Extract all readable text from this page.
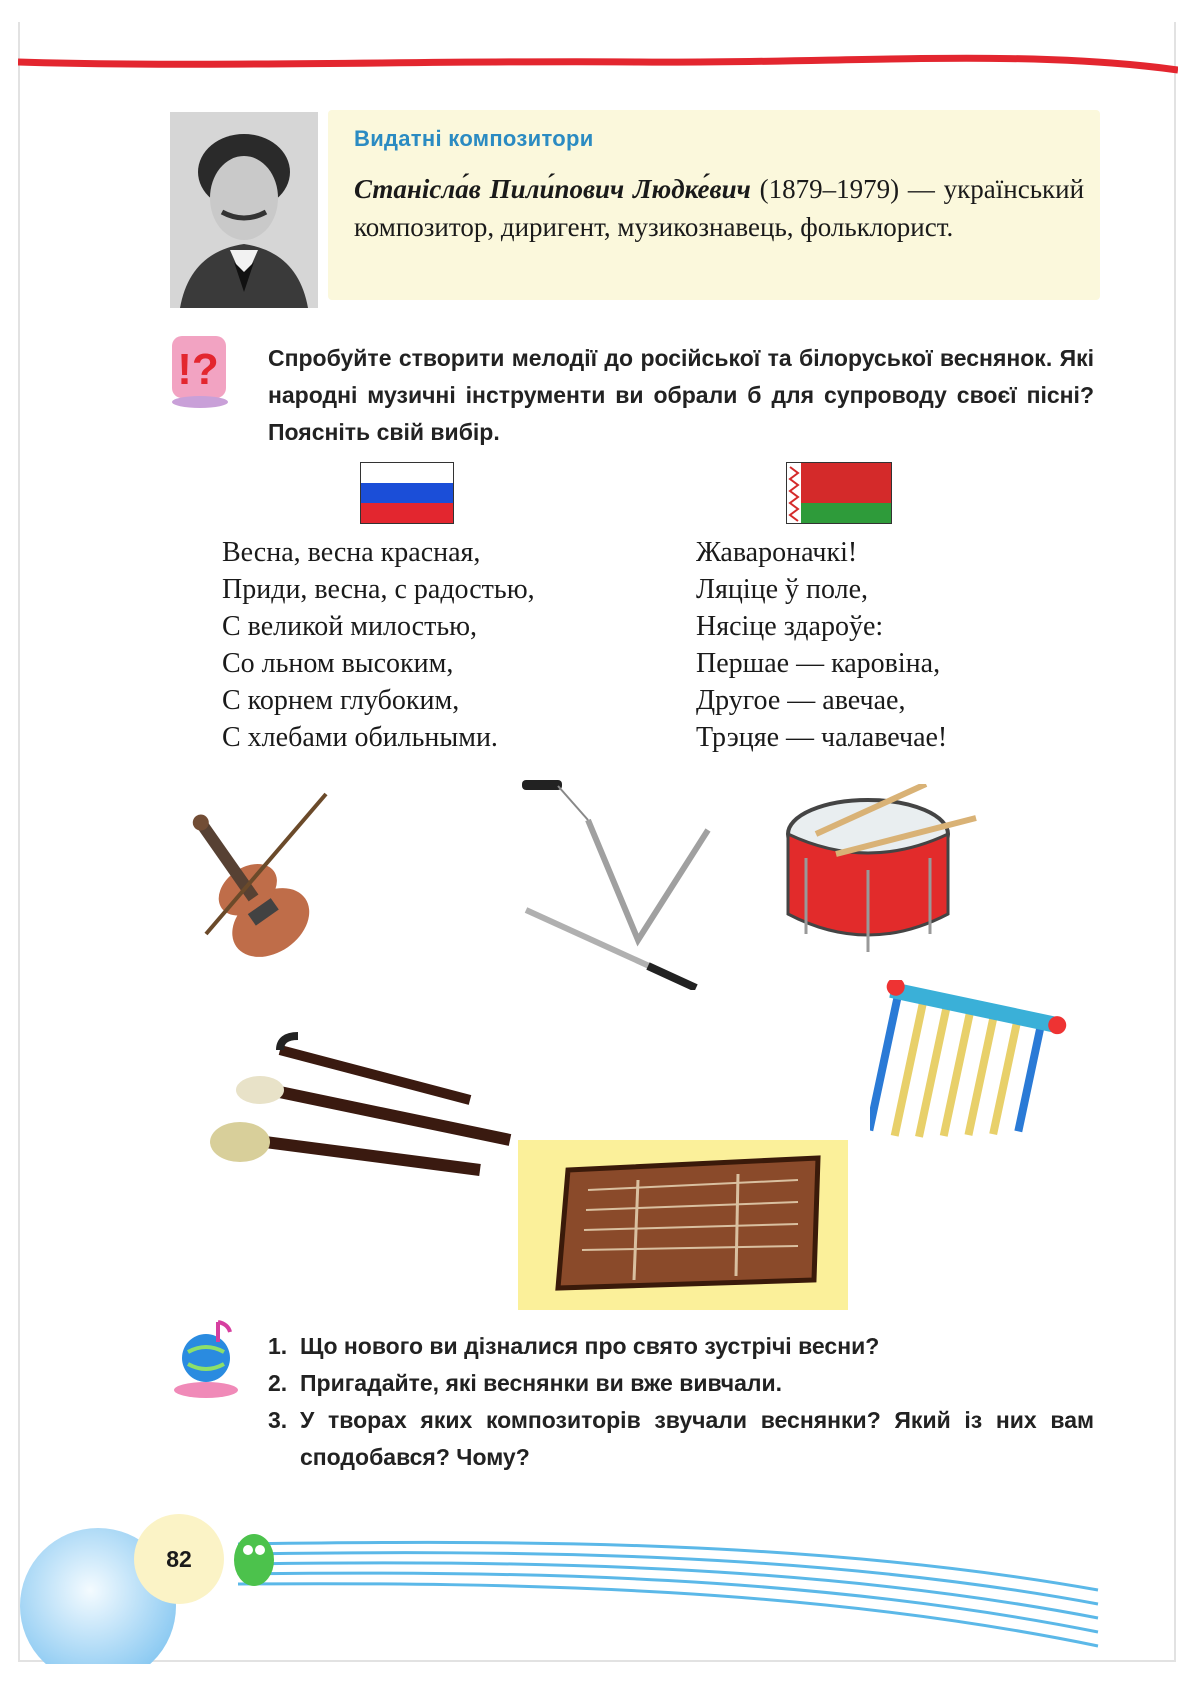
Видатні композитори
Станісла́в Пили́пович Людке́вич (1879–1979) — український композитор, диригент, музикознавець, фольклорист.
!? Спробуйте створити мелодії до російської та білоруської веснянок. Які народні музичні інструменти ви обрали б для супроводу своєї пісні? Поясніть свій вибір.
Весна, весна красная,
Приди, весна, с радостью,
С великой милостью,
Со льном высоким,
С корнем глубоким,
С хлебами обильными.
Жавароначкі!
Ляціце ў поле,
Нясіце здароўе:
Першае — каровіна,
Другое — авечае,
Трэцяе — чалавечае!
1. Що нового ви дізналися про свято зустрічі весни?
2. Пригадайте, які веснянки ви вже вивчали.
3. У творах яких композиторів звучали веснянки? Який із них вам сподобався? Чому?
82
